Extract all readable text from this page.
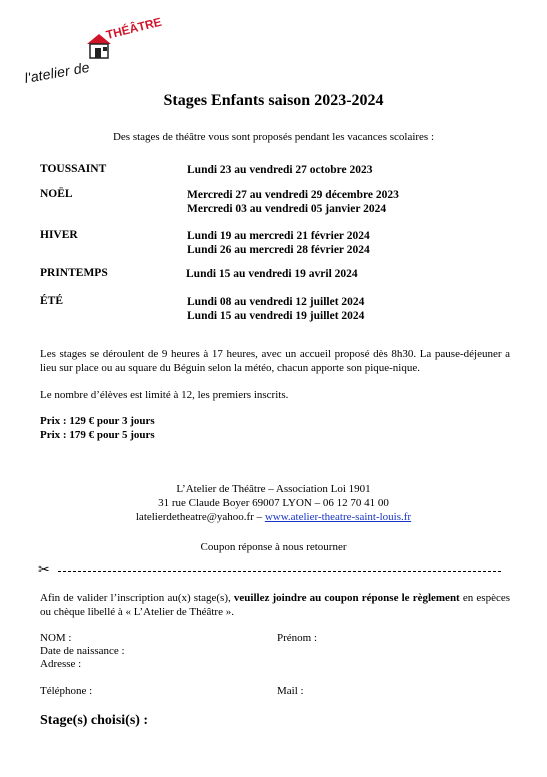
l'atelier de
THÉÂTRE
Stages Enfants saison 2023-2024
Des stages de théâtre vous sont proposés pendant les vacances scolaires :
TOUSSAINT	Lundi 23 au vendredi 27 octobre 2023
NOËL	Mercredi 27 au vendredi 29 décembre 2023
Mercredi 03 au vendredi 05 janvier 2024
HIVER	Lundi 19 au mercredi 21 février 2024
Lundi 26 au mercredi 28 février 2024
PRINTEMPS	Lundi 15 au vendredi 19 avril 2024
ÉTÉ	Lundi 08 au vendredi 12 juillet 2024
Lundi 15 au vendredi 19 juillet 2024
Les stages se déroulent de 9 heures à 17 heures, avec un accueil proposé dès 8h30. La pause-déjeuner a lieu sur place ou au square du Béguin selon la météo, chacun apporte son pique-nique.
Le nombre d’élèves est limité à 12, les premiers inscrits.
Prix : 129 € pour 3 jours
Prix : 179 € pour 5 jours
L’Atelier de Théâtre – Association Loi 1901
31 rue Claude Boyer 69007 LYON – 06 12 70 41 00
latelierdetheatre@yahoo.fr – www.atelier-theatre-saint-louis.fr
Coupon réponse à nous retourner
✂
Afin de valider l’inscription au(x) stage(s), veuillez joindre au coupon réponse le règlement en espèces ou chèque libellé à « L’Atelier de Théâtre ».
NOM :	Prénom :
Date de naissance :
Adresse :
Téléphone :	Mail :
Stage(s) choisi(s) :
